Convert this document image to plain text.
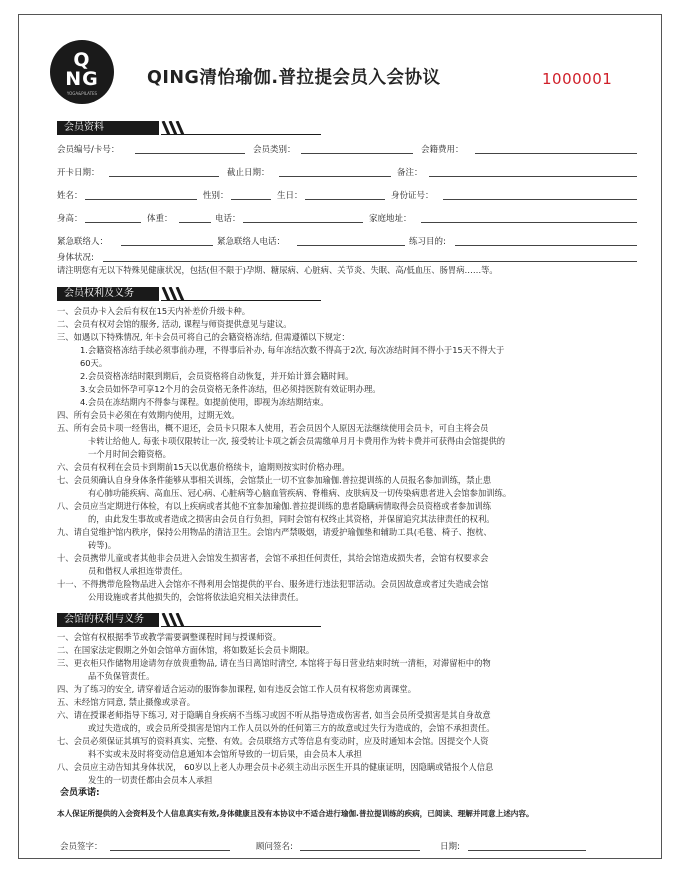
Q
NG
YOGA&PILATES
QING清怡瑜伽.普拉提会员入会协议	1000001
会员资料
会员编号/卡号：	会员类别：	会籍费用：
开卡日期：	截止日期：	备注：
姓名：	性别：	生日：	身份证号：
身高：	体重：	电话：	家庭地址：
紧急联络人：	紧急联络人电话：	练习目的:
身体状况:
请注明您有无以下特殊见健康状况，包括(但不限于)孕期、糖尿病、心脏病、关节炎、失眠、高/低血压、肠胃病……等。
会员权利及义务
一、会员办卡入会后有权在15天内补差价升级卡种。
二、会员有权对会馆的服务, 活动, 课程与师资提供意见与建议。
三、如遇以下特殊情况, 年卡会员可将自己的会籍资格冻结, 但需遵循以下规定：
1.会籍资格冻结手续必须事前办理，不得事后补办, 每年冻结次数不得高于2次, 每次冻结时间不得小于15天不得大于
60天。
2.会员资格冻结时限到期后，会员资格将自动恢复，并开始计算会籍时间。
3.女会员如怀孕可享12个月的会员资格无条件冻结，但必须持医院有效证明办理。
4.会员在冻结期内不得参与课程。如提前使用，即视为冻结期结束。
四、所有会员卡必须在有效期内使用，过期无效。
五、所有会员卡项一经售出，概不退还，会员卡只限本人使用，若会员因个人原因无法继续使用会员卡，可自主将会员
卡转让给他人, 每张卡项仅限转让一次, 接受转让卡项之新会员需缴单月月卡费用作为转卡费并可获得由会馆提供的
一个月时间会籍资格。
六、会员有权利在会员卡到期前15天以优惠价格续卡，逾期则按实时价格办理。
七、会员须确认自身身体条件能够从事相关训练，会馆禁止一切不宜参加瑜伽.普拉提训练的人员报名参加训练，禁止患
有心肺功能疾病、高血压、冠心病、心脏病等心脑血管疾病、脊椎病、皮肤病及一切传染病患者进入会馆参加训练。
八、会员应当定期进行体检，有以上疾病或者其他不宜参加瑜伽.普拉提训练的患者隐瞒病情取得会员资格或者参加训练
的，由此发生事故或者造成之损害由会员自行负担，同时会馆有权终止其资格，并保留追究其法律责任的权利。
九、请自觉维护馆内秩序，保持公用物品的清洁卫生。会馆内严禁吸烟，请爱护瑜伽垫和辅助工具(毛毯、椅子、抱枕、
砖等)。
十、会员携带儿童或者其他非会员进入会馆发生损害者，会馆不承担任何责任，其给会馆造成损失者，会馆有权要求会
员和借权人承担连带责任。
十一、不得携带危险物品进入会馆亦不得利用会馆提供的平台、服务进行违法犯罪活动。会员因故意或者过失造成会馆
公用设施或者其他损失的，会馆将依法追究相关法律责任。
会馆的权利与义务
一、会馆有权根据季节或教学需要调整课程时间与授课师资。
二、在国家法定假期之外如会馆单方面休馆，将如数延长会员卡期限。
三、更衣柜只作储物用途请勿存放贵重物品, 请在当日离馆时清空, 本馆将于每日营业结束时统一清柜，对滞留柜中的物
品不负保管责任。
四、为了练习的安全, 请穿着适合运动的服饰参加课程, 如有违反会馆工作人员有权将您劝离课堂。
五、未经馆方同意, 禁止摄像或录音。
六、请在授课老师指导下练习, 对于隐瞒自身疾病不当练习或因不听从指导造成伤害者, 如当会员所受损害是其自身故意
或过失造成的，或会员所受损害是馆内工作人员以外的任何第三方的故意或过失行为造成的，会馆不承担责任。
七、会员必须保证其填写的资料真实、完整、有效。会员联络方式等信息有变动时，应及时通知本会馆。因提交个人资
料不实或未及时将变动信息通知本会馆所导致的一切后果，由会员本人承担
八、会员应主动告知其身体状况， 60岁以上老人办理会员卡必须主动出示医生开具的健康证明，因隐瞒或错报个人信息
发生的一切责任都由会员本人承担
会员承诺:
本人保证所提供的入会资料及个人信息真实有效,身体健康且没有本协议中不适合进行瑜伽.普拉提训练的疾病，已阅读、理解并同意上述内容。
会员签字：	顾问签名:	日期:
